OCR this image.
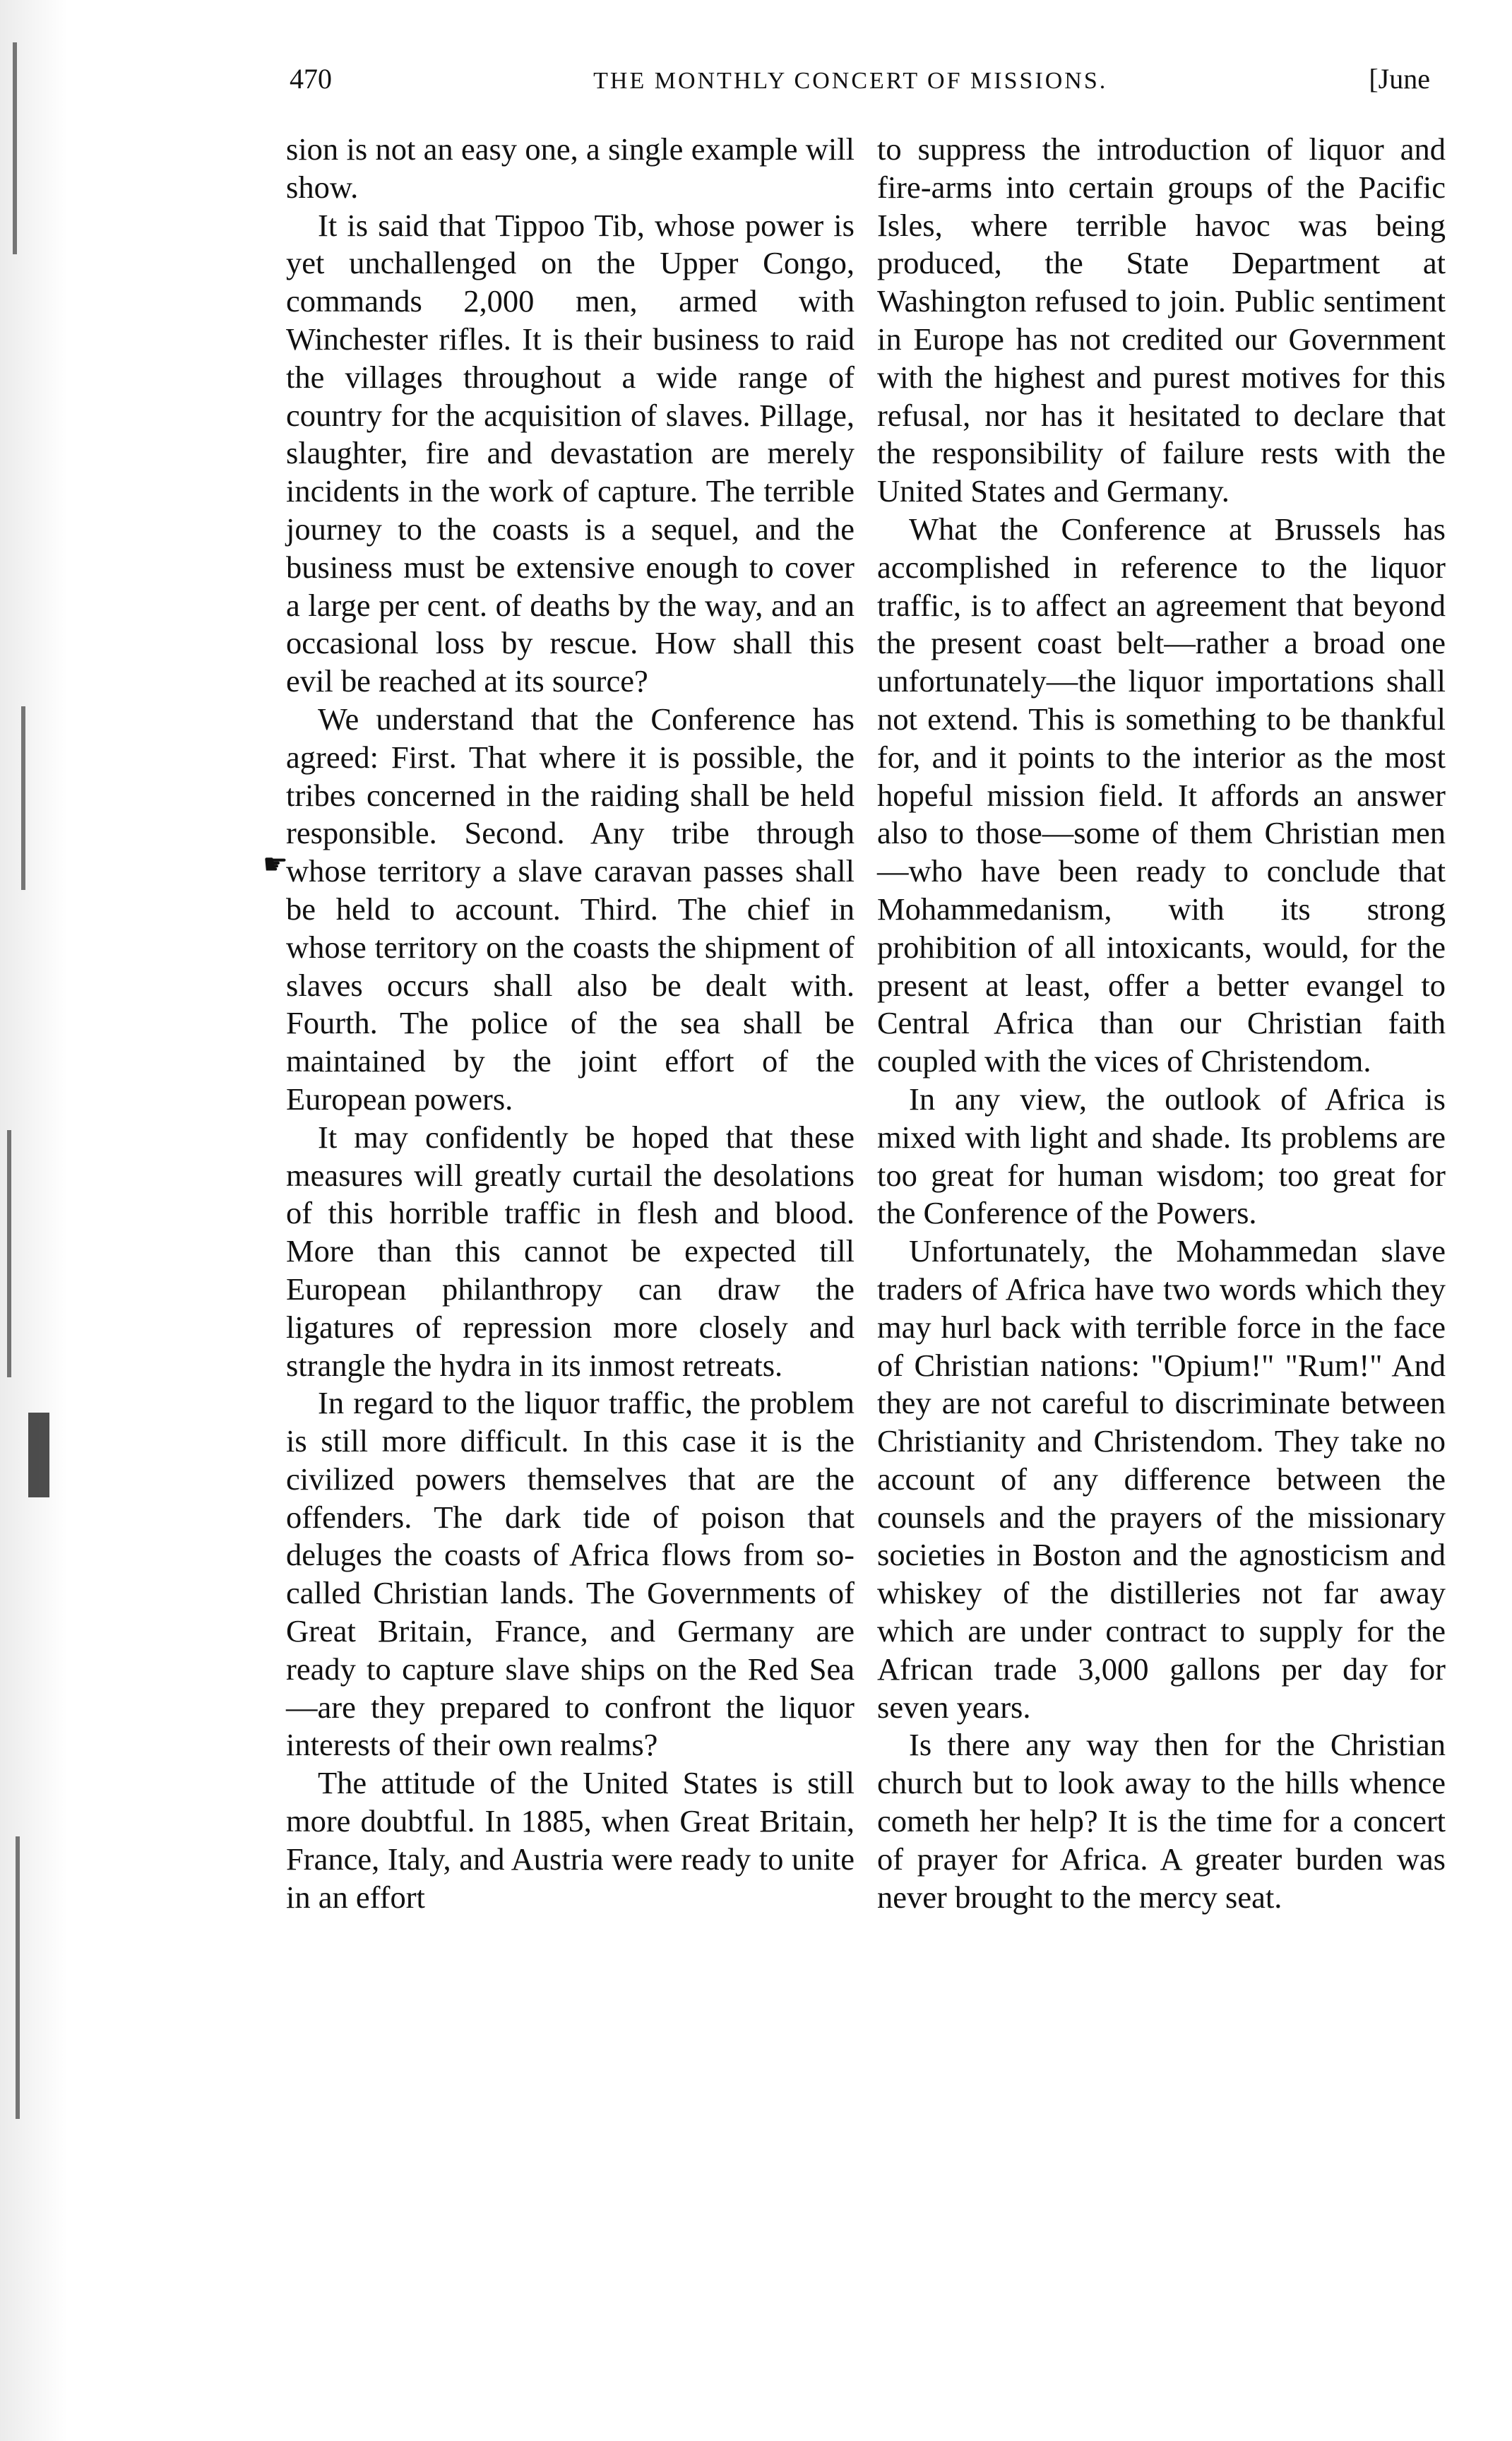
470	THE MONTHLY CONCERT OF MISSIONS.	[June
☛

sion is not an easy one, a single example will show.

It is said that Tippoo Tib, whose power is yet unchallenged on the Upper Congo, commands 2,000 men, armed with Winchester rifles. It is their business to raid the villages throughout a wide range of country for the acquisition of slaves. Pillage, slaughter, fire and devastation are merely incidents in the work of capture. The terrible journey to the coasts is a sequel, and the business must be extensive enough to cover a large per cent. of deaths by the way, and an occasional loss by rescue. How shall this evil be reached at its source?

We understand that the Conference has agreed: First. That where it is possible, the tribes concerned in the raiding shall be held responsible. Second. Any tribe through whose territory a slave caravan passes shall be held to account. Third. The chief in whose territory on the coasts the shipment of slaves occurs shall also be dealt with. Fourth. The police of the sea shall be maintained by the joint effort of the European powers.

It may confidently be hoped that these measures will greatly curtail the desolations of this horrible traffic in flesh and blood. More than this cannot be expected till European philanthropy can draw the ligatures of repression more closely and strangle the hydra in its inmost retreats.

In regard to the liquor traffic, the problem is still more difficult. In this case it is the civilized powers themselves that are the offenders. The dark tide of poison that deluges the coasts of Africa flows from so-called Christian lands. The Governments of Great Britain, France, and Germany are ready to capture slave ships on the Red Sea—are they prepared to confront the liquor interests of their own realms?

The attitude of the United States is still more doubtful. In 1885, when Great Britain, France, Italy, and Austria were ready to unite in an effort

to suppress the introduction of liquor and fire-arms into certain groups of the Pacific Isles, where terrible havoc was being produced, the State Department at Washington refused to join. Public sentiment in Europe has not credited our Government with the highest and purest motives for this refusal, nor has it hesitated to declare that the responsibility of failure rests with the United States and Germany.

What the Conference at Brussels has accomplished in reference to the liquor traffic, is to affect an agreement that beyond the present coast belt—rather a broad one unfortunately—the liquor importations shall not extend. This is something to be thankful for, and it points to the interior as the most hopeful mission field. It affords an answer also to those—some of them Christian men—who have been ready to conclude that Mohammedanism, with its strong prohibition of all intoxicants, would, for the present at least, offer a better evangel to Central Africa than our Christian faith coupled with the vices of Christendom.

In any view, the outlook of Africa is mixed with light and shade. Its problems are too great for human wisdom; too great for the Conference of the Powers.

Unfortunately, the Mohammedan slave traders of Africa have two words which they may hurl back with terrible force in the face of Christian nations: "Opium!" "Rum!" And they are not careful to discriminate between Christianity and Christendom. They take no account of any difference between the counsels and the prayers of the missionary societies in Boston and the agnosticism and whiskey of the distilleries not far away which are under contract to supply for the African trade 3,000 gallons per day for seven years.

Is there any way then for the Christian church but to look away to the hills whence cometh her help? It is the time for a concert of prayer for Africa. A greater burden was never brought to the mercy seat.
